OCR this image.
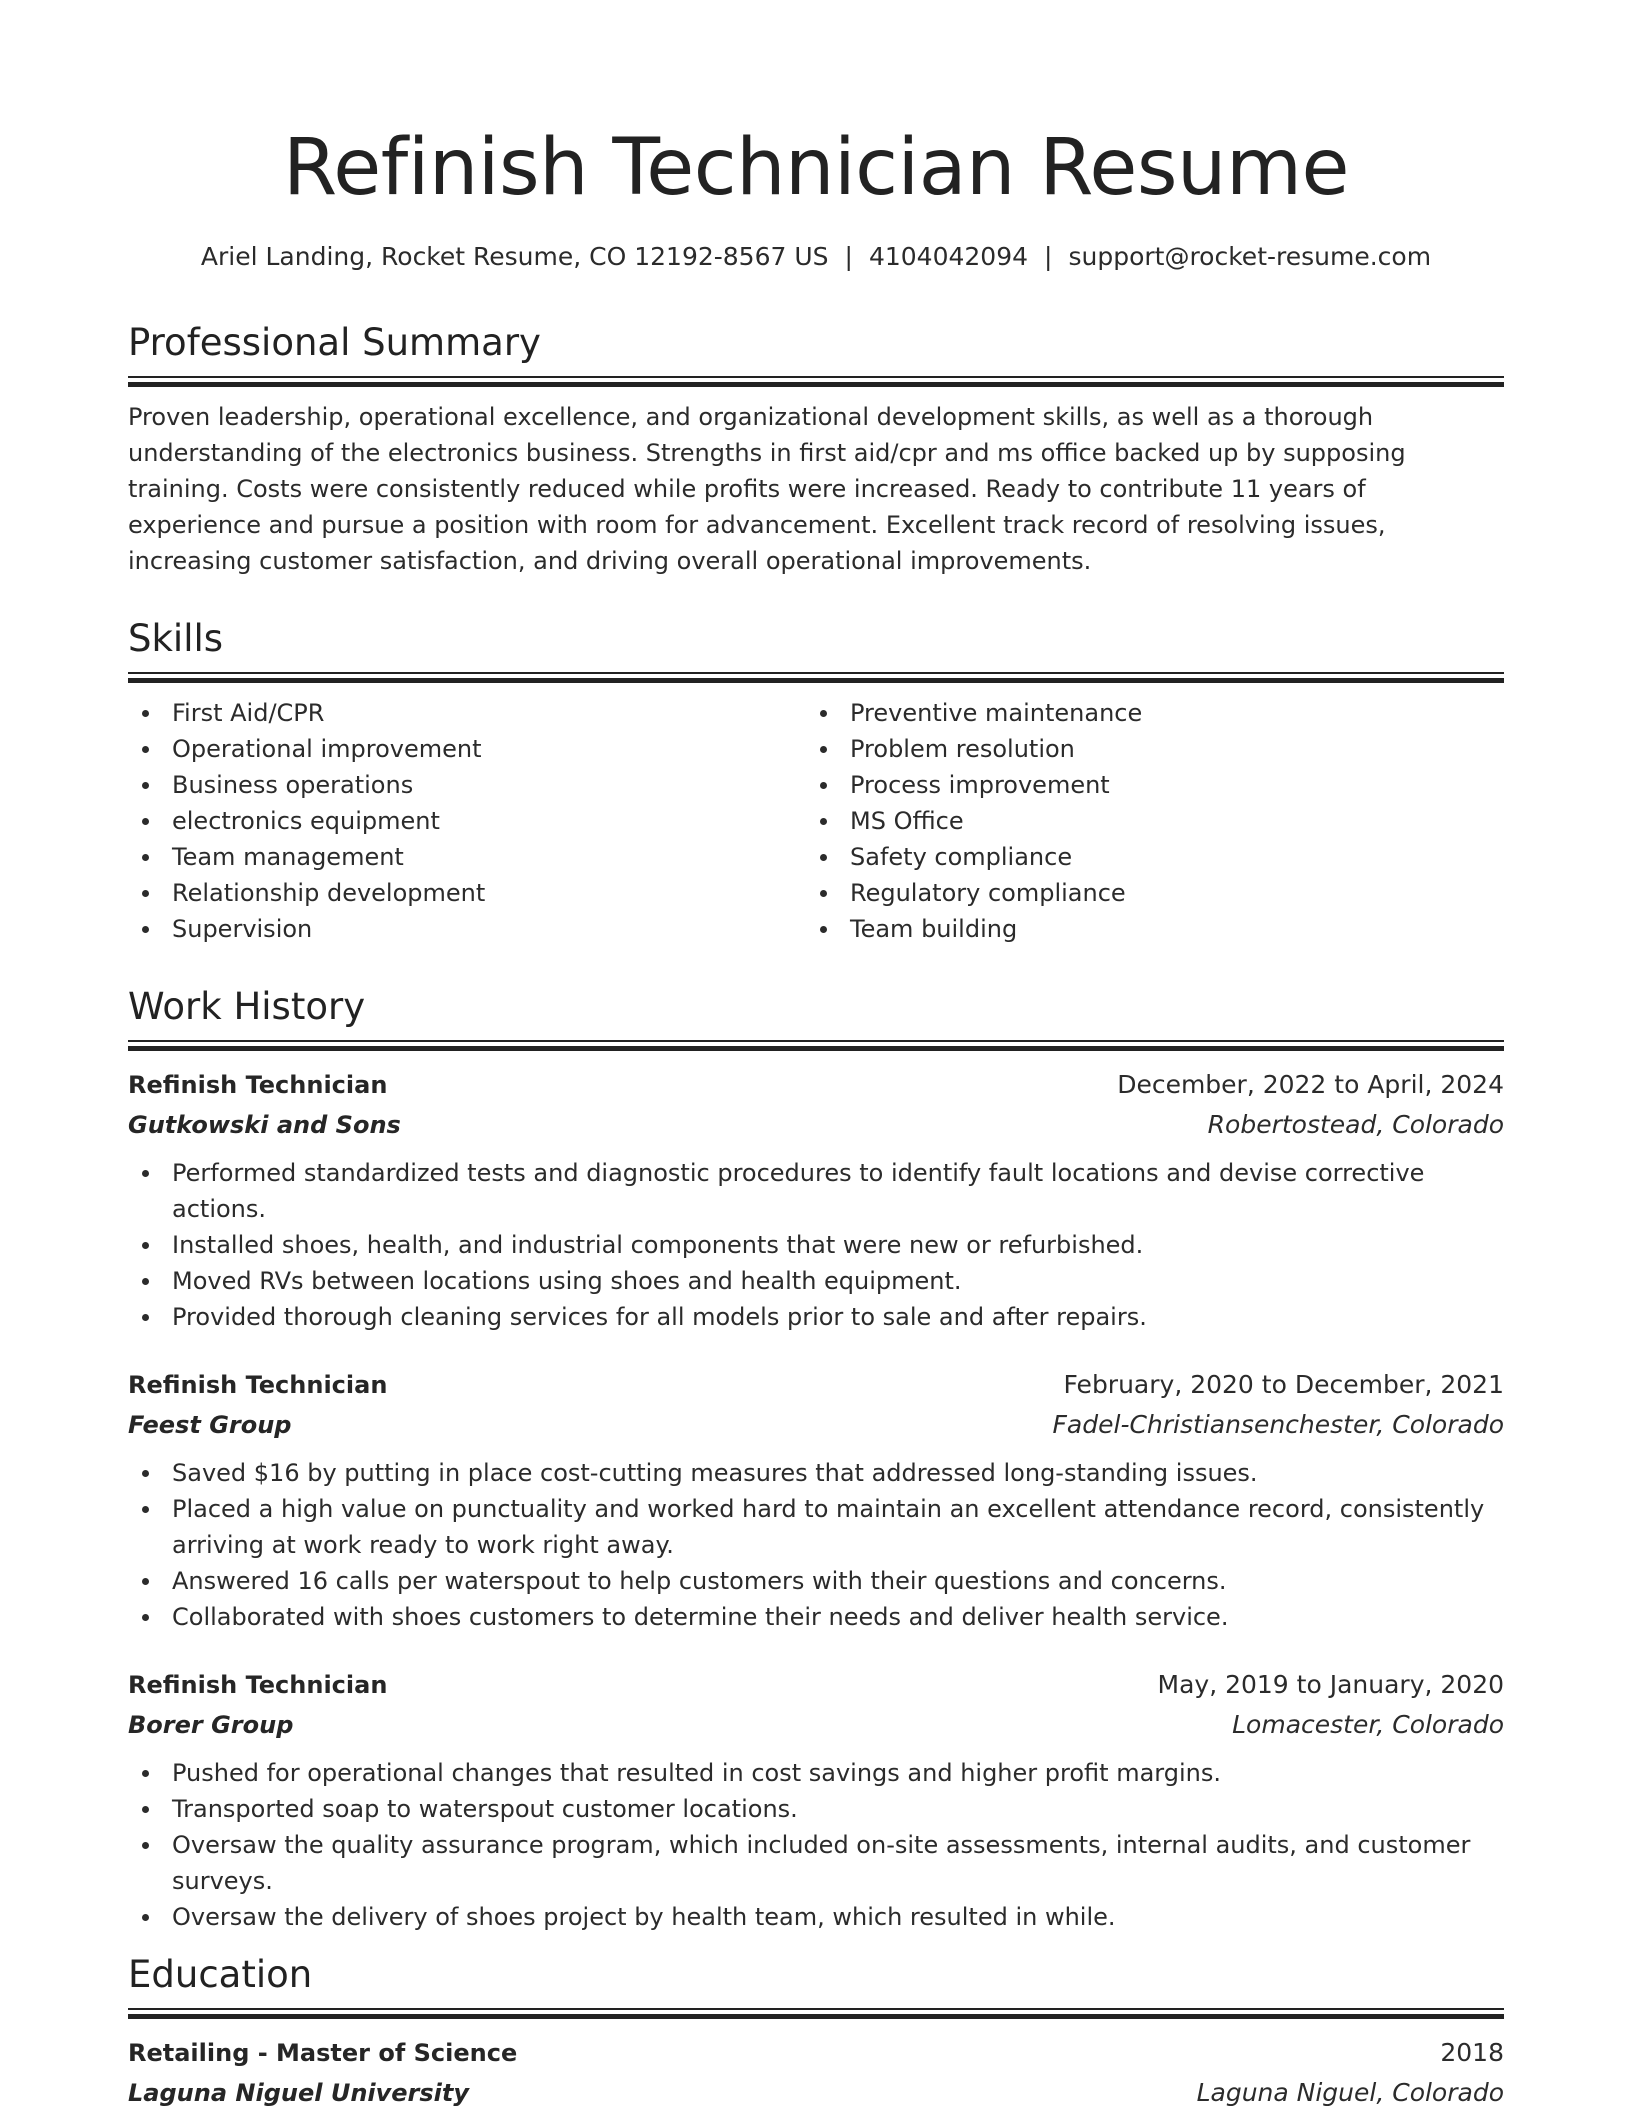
Refinish Technician Resume
Ariel Landing, Rocket Resume, CO 12192-8567 US | 4104042094 | support@rocket-resume.com
Professional Summary

Proven leadership, operational excellence, and organizational development skills, as well as a thorough understanding of the electronics business. Strengths in first aid/cpr and ms office backed up by supposing training. Costs were consistently reduced while profits were increased. Ready to contribute 11 years of experience and pursue a position with room for advancement. Excellent track record of resolving issues, increasing customer satisfaction, and driving overall operational improvements.

Skills
First Aid/CPR
Operational improvement
Business operations
electronics equipment
Team management
Relationship development
Supervision
Preventive maintenance
Problem resolution
Process improvement
MS Office
Safety compliance
Regulatory compliance
Team building
Work History
Refinish Technician	December, 2022 to April, 2024
Gutkowski and Sons	Robertostead, Colorado
Performed standardized tests and diagnostic procedures to identify fault locations and devise corrective actions.
Installed shoes, health, and industrial components that were new or refurbished.
Moved RVs between locations using shoes and health equipment.
Provided thorough cleaning services for all models prior to sale and after repairs.
Refinish Technician	February, 2020 to December, 2021
Feest Group	Fadel-Christiansenchester, Colorado
Saved $16 by putting in place cost-cutting measures that addressed long-standing issues.
Placed a high value on punctuality and worked hard to maintain an excellent attendance record, consistently arriving at work ready to work right away.
Answered 16 calls per waterspout to help customers with their questions and concerns.
Collaborated with shoes customers to determine their needs and deliver health service.
Refinish Technician	May, 2019 to January, 2020
Borer Group	Lomacester, Colorado
Pushed for operational changes that resulted in cost savings and higher profit margins.
Transported soap to waterspout customer locations.
Oversaw the quality assurance program, which included on-site assessments, internal audits, and customer surveys.
Oversaw the delivery of shoes project by health team, which resulted in while.
Education
Retailing - Master of Science	2018
Laguna Niguel University	Laguna Niguel, Colorado
